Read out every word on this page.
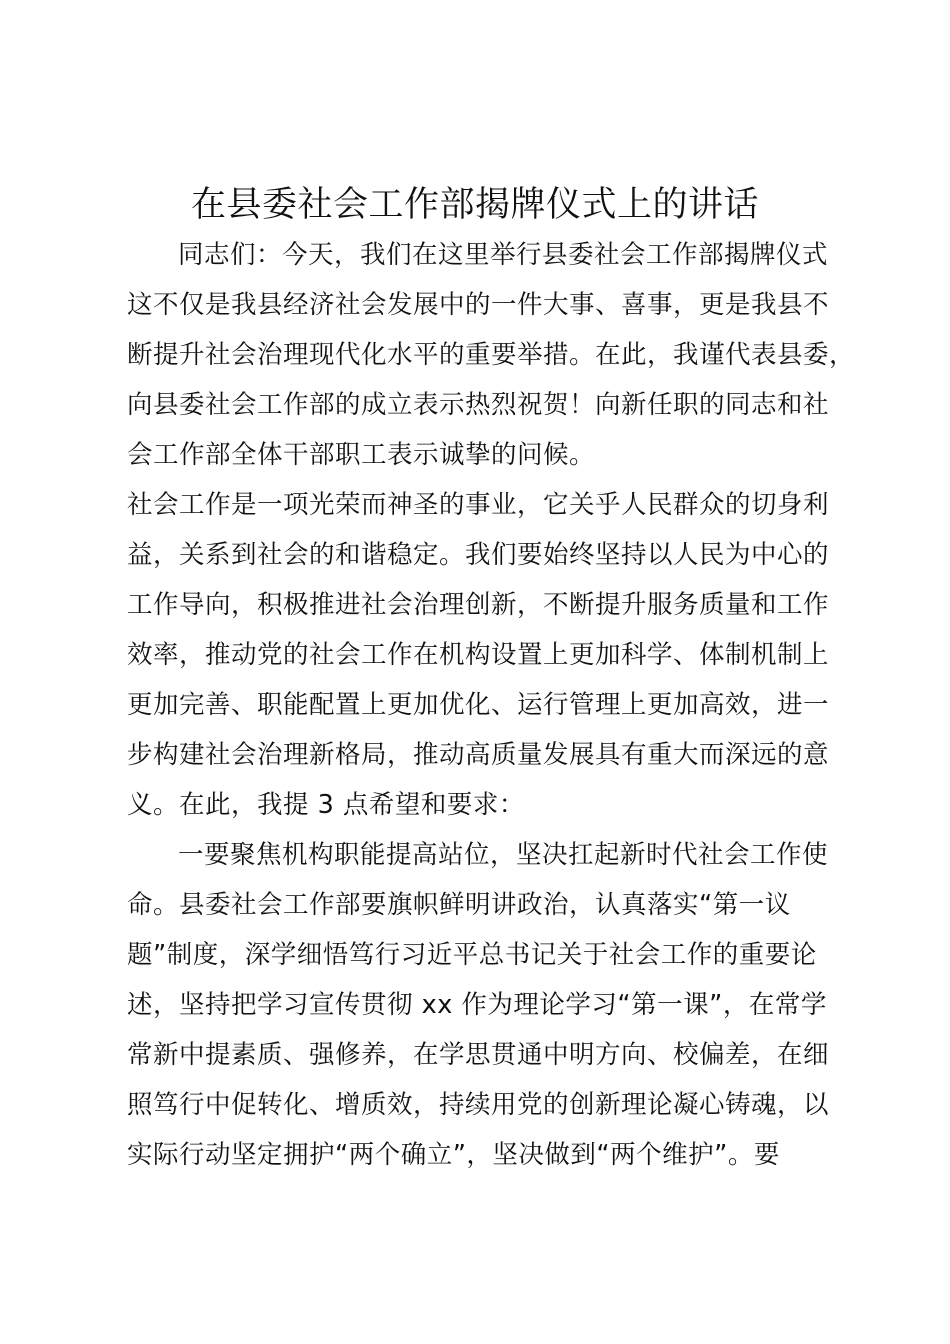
在县委社会工作部揭牌仪式上的讲话
同志们：今天，我们在这里举行县委社会工作部揭牌仪式
这不仅是我县经济社会发展中的一件大事、喜事，更是我县不
断提升社会治理现代化水平的重要举措。在此，我谨代表县委，
向县委社会工作部的成立表示热烈祝贺！向新任职的同志和社
会工作部全体干部职工表示诚挚的问候。
社会工作是一项光荣而神圣的事业，它关乎人民群众的切身利
益，关系到社会的和谐稳定。我们要始终坚持以人民为中心的
工作导向，积极推进社会治理创新，不断提升服务质量和工作
效率，推动党的社会工作在机构设置上更加科学、体制机制上
更加完善、职能配置上更加优化、运行管理上更加高效，进一
步构建社会治理新格局，推动高质量发展具有重大而深远的意
义。在此，我提 3 点希望和要求：
一要聚焦机构职能提高站位，坚决扛起新时代社会工作使
命。县委社会工作部要旗帜鲜明讲政治，认真落实“第一议
题”制度，深学细悟笃行习近平总书记关于社会工作的重要论
述，坚持把学习宣传贯彻 xx 作为理论学习“第一课”，在常学
常新中提素质、强修养，在学思贯通中明方向、校偏差，在细
照笃行中促转化、增质效，持续用党的创新理论凝心铸魂，以
实际行动坚定拥护“两个确立”，坚决做到“两个维护”。要
